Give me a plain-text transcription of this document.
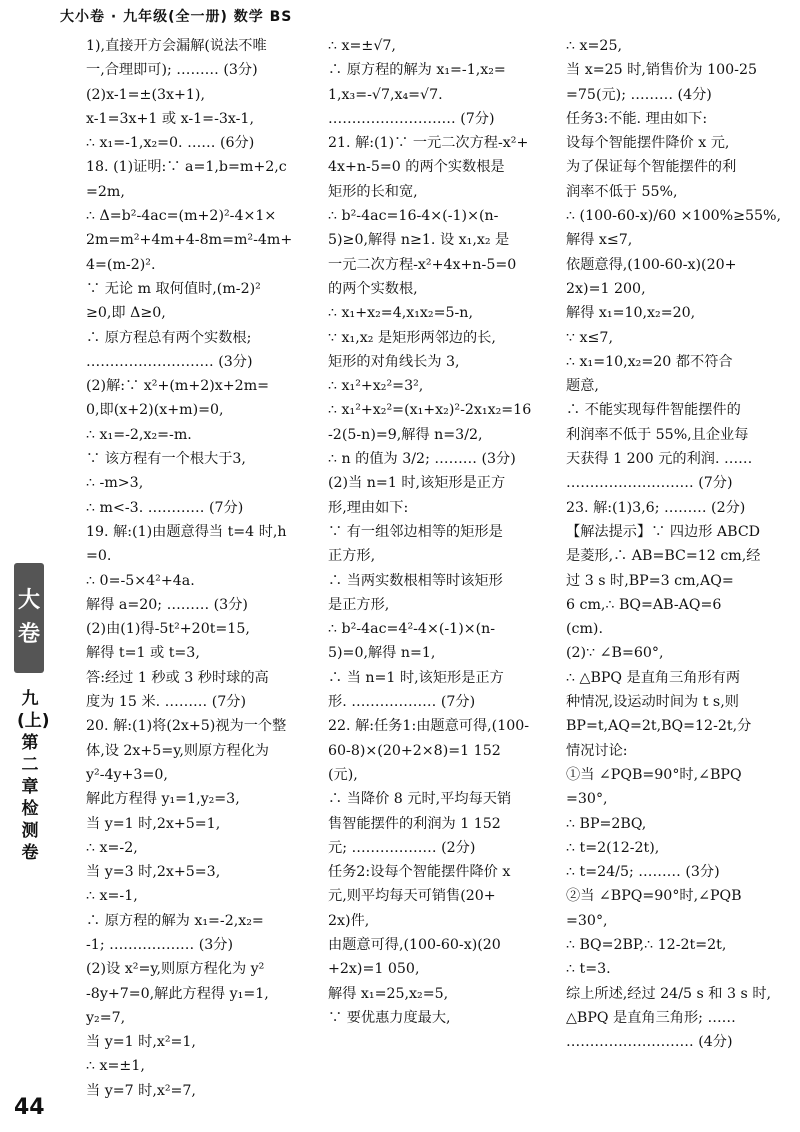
大小卷 · 九年级(全一册) 数学 BS
大
卷
九(上) 第二章检测卷

1),直接开方会漏解(说法不唯

一,合理即可); ……… (3分)

(2)x-1=±(3x+1),

x-1=3x+1 或 x-1=-3x-1,

∴ x₁=-1,x₂=0. …… (6分)

18. (1)证明:∵ a=1,b=m+2,c

=2m,

∴ Δ=b²-4ac=(m+2)²-4×1×

2m=m²+4m+4-8m=m²-4m+

4=(m-2)².

∵ 无论 m 取何值时,(m-2)²

≥0,即 Δ≥0,

∴ 原方程总有两个实数根;

……………………… (3分)

(2)解:∵ x²+(m+2)x+2m=

0,即(x+2)(x+m)=0,

∴ x₁=-2,x₂=-m.

∵ 该方程有一个根大于3,

∴ -m>3,

∴ m<-3. ………… (7分)

19. 解:(1)由题意得当 t=4 时,h

=0.

∴ 0=-5×4²+4a.

解得 a=20; ……… (3分)

(2)由(1)得-5t²+20t=15,

解得 t=1 或 t=3,

答:经过 1 秒或 3 秒时球的高

度为 15 米. ……… (7分)

20. 解:(1)将(2x+5)视为一个整

体,设 2x+5=y,则原方程化为

y²-4y+3=0,

解此方程得 y₁=1,y₂=3,

当 y=1 时,2x+5=1,

∴ x=-2,

当 y=3 时,2x+5=3,

∴ x=-1,

∴ 原方程的解为 x₁=-2,x₂=

-1; ……………… (3分)

(2)设 x²=y,则原方程化为 y²

-8y+7=0,解此方程得 y₁=1,

y₂=7,

当 y=1 时,x²=1,

∴ x=±1,

当 y=7 时,x²=7,

∴ x=±√7,

∴ 原方程的解为 x₁=-1,x₂=

1,x₃=-√7,x₄=√7.

……………………… (7分)

21. 解:(1)∵ 一元二次方程-x²+

4x+n-5=0 的两个实数根是

矩形的长和宽,

∴ b²-4ac=16-4×(-1)×(n-

5)≥0,解得 n≥1. 设 x₁,x₂ 是

一元二次方程-x²+4x+n-5=0

的两个实数根,

∴ x₁+x₂=4,x₁x₂=5-n,

∵ x₁,x₂ 是矩形两邻边的长,

矩形的对角线长为 3,

∴ x₁²+x₂²=3²,

∴ x₁²+x₂²=(x₁+x₂)²-2x₁x₂=16

-2(5-n)=9,解得 n=3/2,

∴ n 的值为 3/2; ……… (3分)

(2)当 n=1 时,该矩形是正方

形,理由如下:

∵ 有一组邻边相等的矩形是

正方形,

∴ 当两实数根相等时该矩形

是正方形,

∴ b²-4ac=4²-4×(-1)×(n-

5)=0,解得 n=1,

∴ 当 n=1 时,该矩形是正方

形. ……………… (7分)

22. 解:任务1:由题意可得,(100-

60-8)×(20+2×8)=1 152

(元),

∴ 当降价 8 元时,平均每天销

售智能摆件的利润为 1 152

元; ……………… (2分)

任务2:设每个智能摆件降价 x

元,则平均每天可销售(20+

2x)件,

由题意可得,(100-60-x)(20

+2x)=1 050,

解得 x₁=25,x₂=5,

∵ 要优惠力度最大,

∴ x=25,

当 x=25 时,销售价为 100-25

=75(元); ……… (4分)

任务3:不能. 理由如下:

设每个智能摆件降价 x 元,

为了保证每个智能摆件的利

润率不低于 55%,

∴ (100-60-x)/60 ×100%≥55%,

解得 x≤7,

依题意得,(100-60-x)(20+

2x)=1 200,

解得 x₁=10,x₂=20,

∵ x≤7,

∴ x₁=10,x₂=20 都不符合

题意,

∴ 不能实现每件智能摆件的

利润率不低于 55%,且企业每

天获得 1 200 元的利润. ……

……………………… (7分)

23. 解:(1)3,6; ……… (2分)

【解法提示】∵ 四边形 ABCD

是菱形,∴ AB=BC=12 cm,经

过 3 s 时,BP=3 cm,AQ=

6 cm,∴ BQ=AB-AQ=6

(cm).

(2)∵ ∠B=60°,

∴ △BPQ 是直角三角形有两

种情况,设运动时间为 t s,则

BP=t,AQ=2t,BQ=12-2t,分

情况讨论:

①当 ∠PQB=90°时,∠BPQ

=30°,

∴ BP=2BQ,

∴ t=2(12-2t),

∴ t=24/5; ……… (3分)

②当 ∠BPQ=90°时,∠PQB

=30°,

∴ BQ=2BP,∴ 12-2t=2t,

∴ t=3.

综上所述,经过 24/5 s 和 3 s 时,

△BPQ 是直角三角形; ……

……………………… (4分)

44
